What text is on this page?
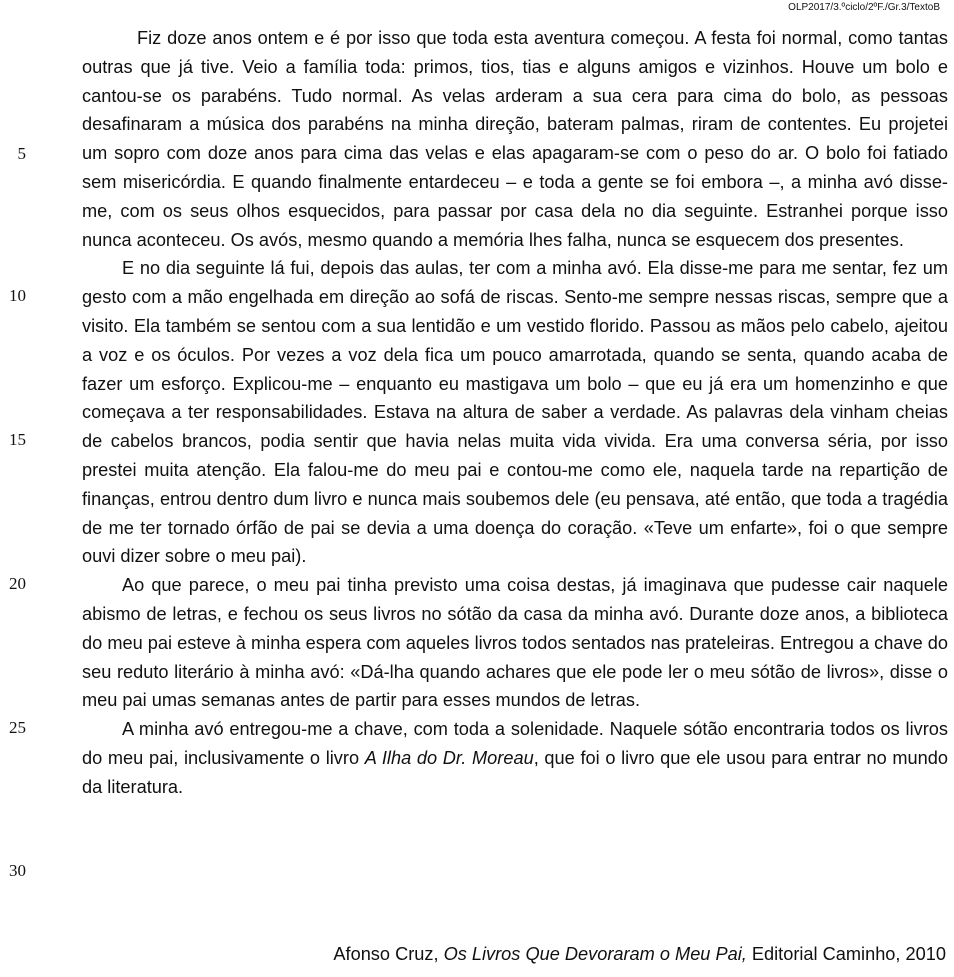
OLP2017/3.ºciclo/2ºF./Gr.3/TextoB
5
10
15
20
25
30

Fiz doze anos ontem e é por isso que toda esta aventura começou. A festa foi normal, como tantas outras que já tive. Veio a família toda: primos, tios, tias e alguns amigos e vizinhos. Houve um bolo e cantou-se os parabéns. Tudo normal. As velas arderam a sua cera para cima do bolo, as pessoas desafinaram a música dos parabéns na minha direção, bateram palmas, riram de contentes. Eu projetei um sopro com doze anos para cima das velas e elas apagaram-se com o peso do ar. O bolo foi fatiado sem misericórdia. E quando finalmente entardeceu – e toda a gente se foi embora –, a minha avó disse-me, com os seus olhos esquecidos, para passar por casa dela no dia seguinte. Estranhei porque isso nunca aconteceu. Os avós, mesmo quando a memória lhes falha, nunca se esquecem dos presentes.

E no dia seguinte lá fui, depois das aulas, ter com a minha avó. Ela disse-me para me sentar, fez um gesto com a mão engelhada em direção ao sofá de riscas. Sento-me sempre nessas riscas, sempre que a visito. Ela também se sentou com a sua lentidão e um vestido florido. Passou as mãos pelo cabelo, ajeitou a voz e os óculos. Por vezes a voz dela fica um pouco amarrotada, quando se senta, quando acaba de fazer um esforço. Explicou-me – enquanto eu mastigava um bolo – que eu já era um homenzinho e que começava a ter responsabilidades. Estava na altura de saber a verdade. As palavras dela vinham cheias de cabelos brancos, podia sentir que havia nelas muita vida vivida. Era uma conversa séria, por isso prestei muita atenção. Ela falou-me do meu pai e contou-me como ele, naquela tarde na repartição de finanças, entrou dentro dum livro e nunca mais soubemos dele (eu pensava, até então, que toda a tragédia de me ter tornado órfão de pai se devia a uma doença do coração. «Teve um enfarte», foi o que sempre ouvi dizer sobre o meu pai).

Ao que parece, o meu pai tinha previsto uma coisa destas, já imaginava que pudesse cair naquele abismo de letras, e fechou os seus livros no sótão da casa da minha avó. Durante doze anos, a biblioteca do meu pai esteve à minha espera com aqueles livros todos sentados nas prateleiras. Entregou a chave do seu reduto literário à minha avó: «Dá-lha quando achares que ele pode ler o meu sótão de livros», disse o meu pai umas semanas antes de partir para esses mundos de letras.

A minha avó entregou-me a chave, com toda a solenidade. Naquele sótão encontraria todos os livros do meu pai, inclusivamente o livro A Ilha do Dr. Moreau, que foi o livro que ele usou para entrar no mundo da literatura.

Afonso Cruz, Os Livros Que Devoraram o Meu Pai, Editorial Caminho, 2010
